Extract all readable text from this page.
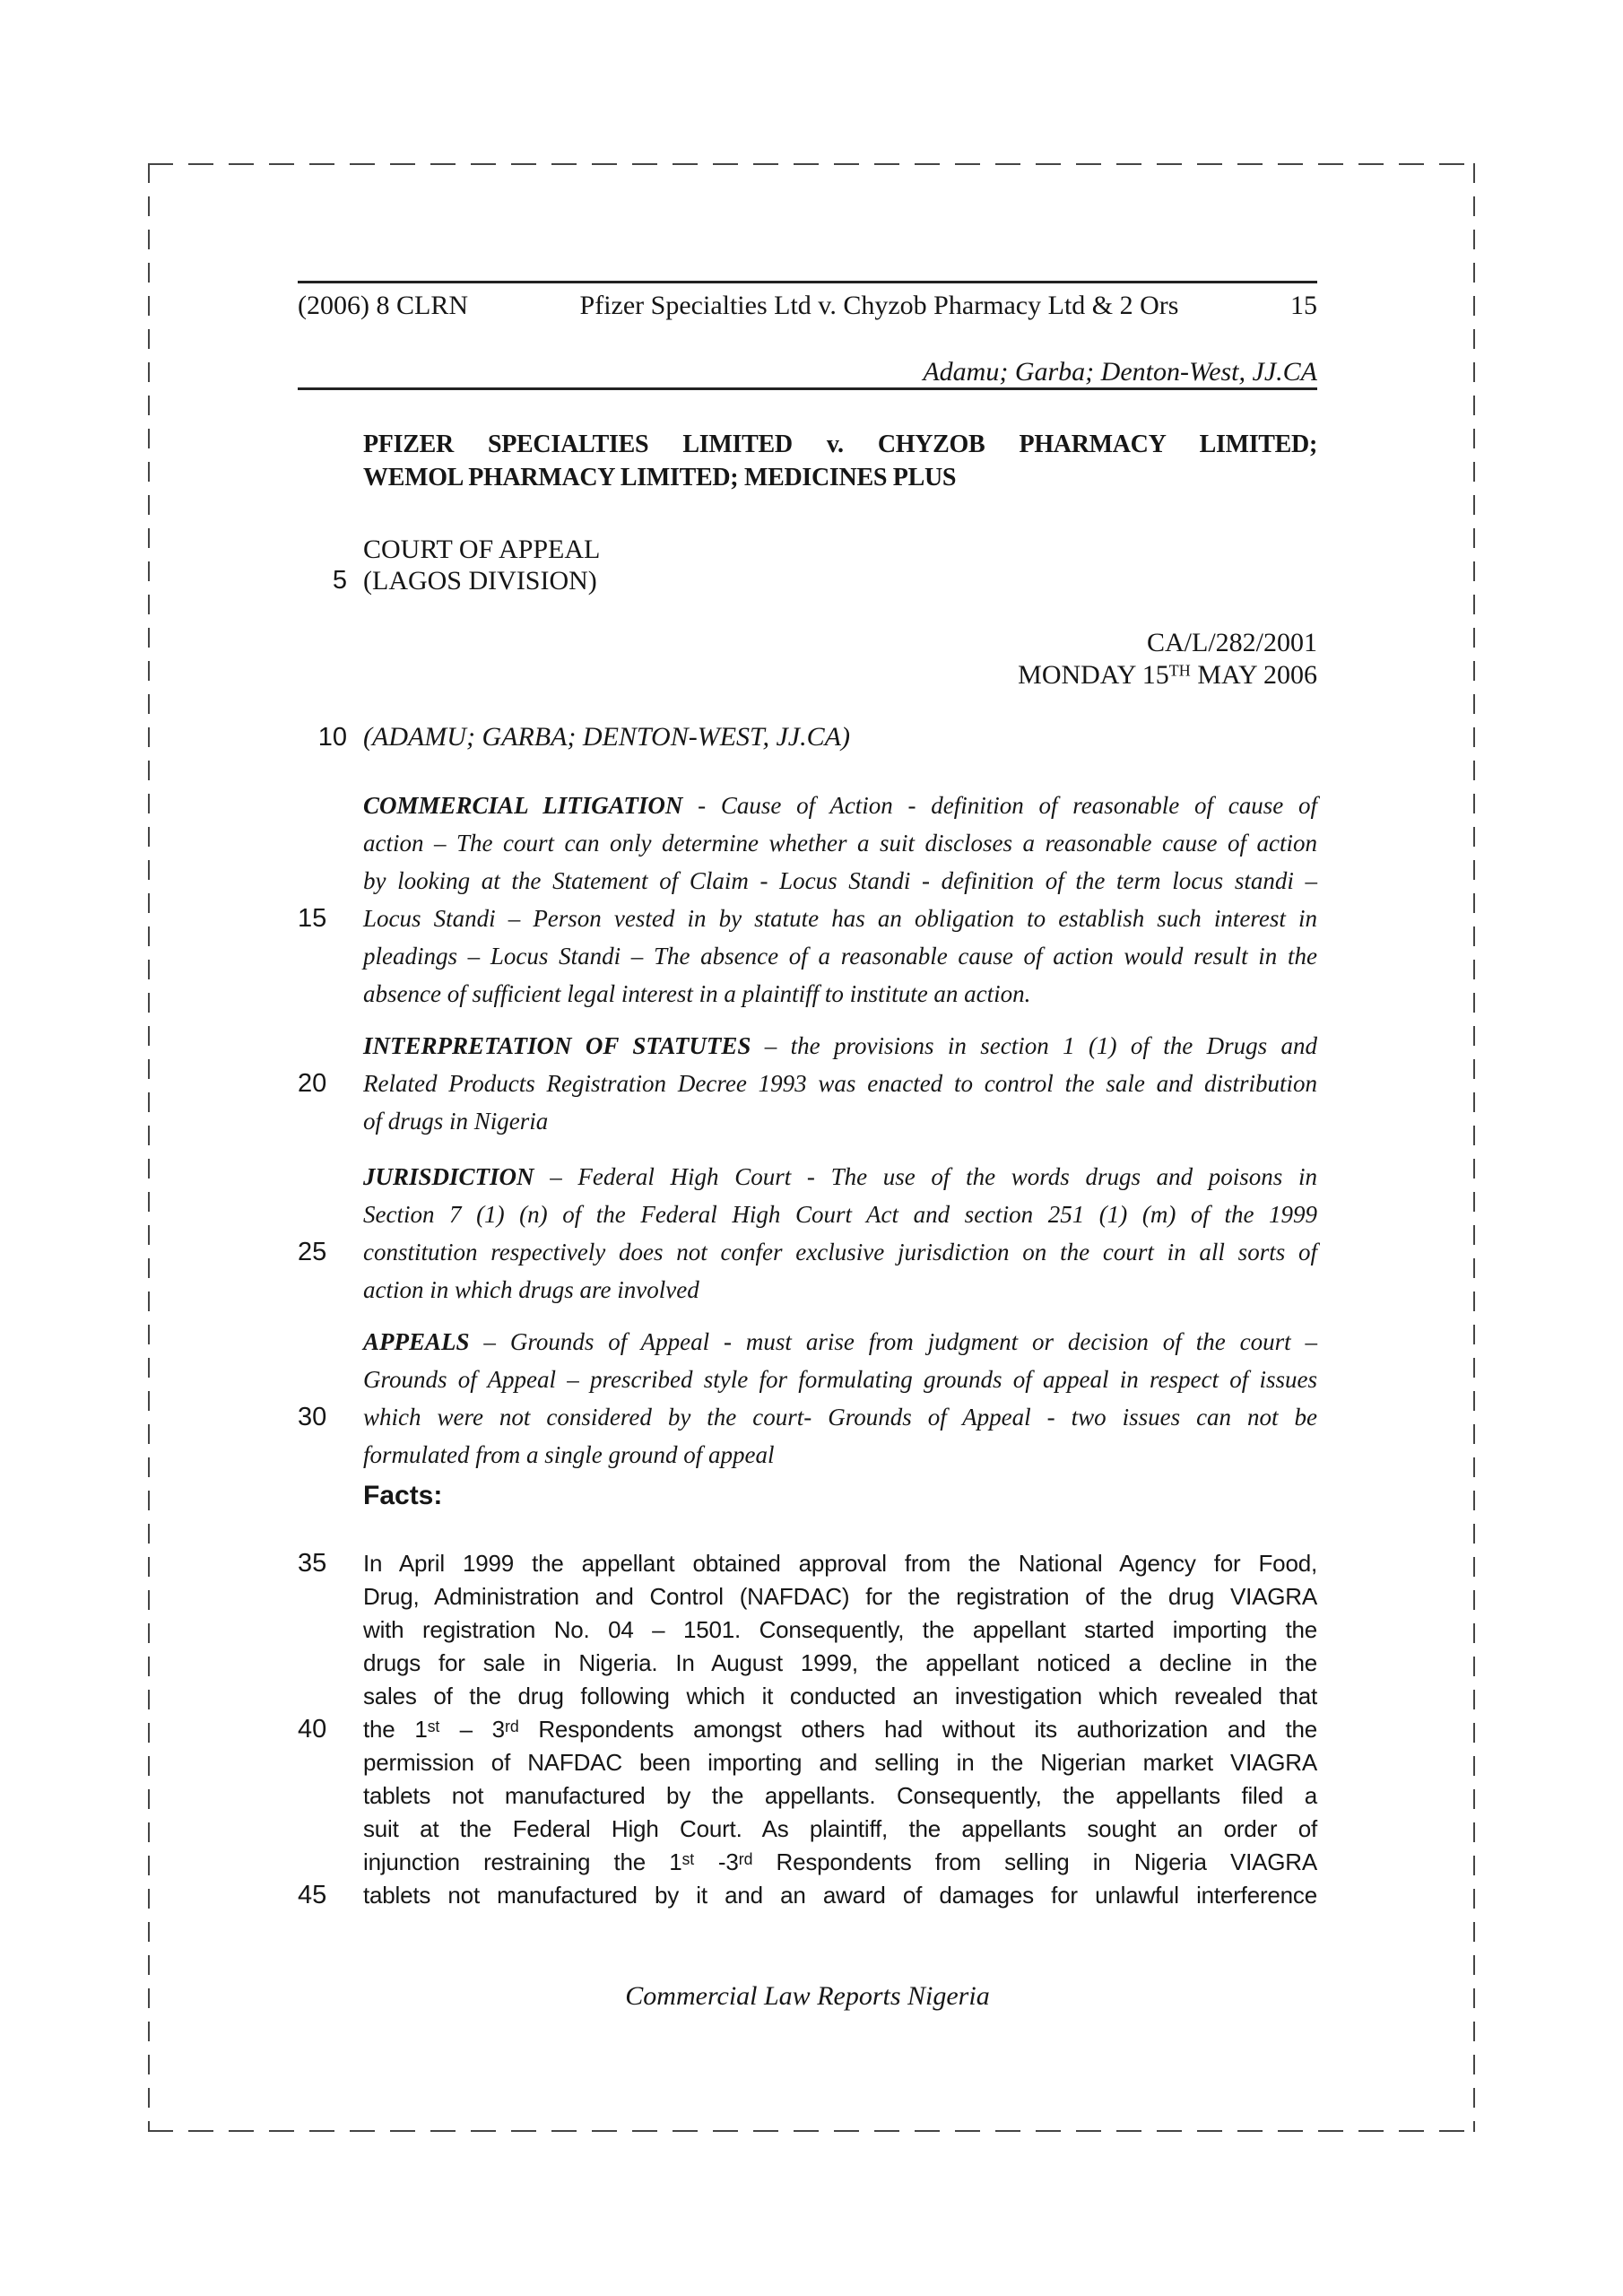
(2006) 8 CLRN	Pfizer Specialties Ltd v. Chyzob Pharmacy Ltd & 2 Ors	15
Adamu; Garba; Denton-West, JJ.CA
PFIZER SPECIALTIES LIMITED v. CHYZOB PHARMACY LIMITED;
WEMOL PHARMACY LIMITED; MEDICINES PLUS
COURT OF APPEAL
5 (LAGOS DIVISION)
CA/L/282/2001
MONDAY 15ᵀᴴ MAY 2006
10 (ADAMU; GARBA; DENTON-WEST, JJ.CA)
COMMERCIAL LITIGATION - Cause of Action - definition of reasonable of cause of
action – The court can only determine whether a suit discloses a reasonable cause of action
by looking at the Statement of Claim - Locus Standi - definition of the term locus standi –
15	Locus Standi – Person vested in by statute has an obligation to establish such interest in
pleadings – Locus Standi – The absence of a reasonable cause of action would result in the
absence of sufficient legal interest in a plaintiff to institute an action.
INTERPRETATION OF STATUTES – the provisions in section 1 (1) of the Drugs and
20	Related Products Registration Decree 1993 was enacted to control the sale and distribution
of drugs in Nigeria
JURISDICTION – Federal High Court - The use of the words drugs and poisons in
Section 7 (1) (n) of the Federal High Court Act and section 251 (1) (m) of the 1999
25	constitution respectively does not confer exclusive jurisdiction on the court in all sorts of
action in which drugs are involved
APPEALS – Grounds of Appeal - must arise from judgment or decision of the court –
Grounds of Appeal – prescribed style for formulating grounds of appeal in respect of issues
30	which were not considered by the court- Grounds of Appeal - two issues can not be
formulated from a single ground of appeal
Facts:
35	In April 1999 the appellant obtained approval from the National Agency for Food,
Drug, Administration and Control (NAFDAC) for the registration of the drug VIAGRA
with registration No. 04 – 1501. Consequently, the appellant started importing the
drugs for sale in Nigeria. In August 1999, the appellant noticed a decline in the
sales of the drug following which it conducted an investigation which revealed that
40	the 1ˢᵗ – 3ʳᵈ Respondents amongst others had without its authorization and the
permission of NAFDAC been importing and selling in the Nigerian market VIAGRA
tablets not manufactured by the appellants. Consequently, the appellants filed a
suit at the Federal High Court. As plaintiff, the appellants sought an order of
injunction restraining the 1ˢᵗ -3ʳᵈ Respondents from selling in Nigeria VIAGRA
45	tablets not manufactured by it and an award of damages for unlawful interference
Commercial Law Reports Nigeria
